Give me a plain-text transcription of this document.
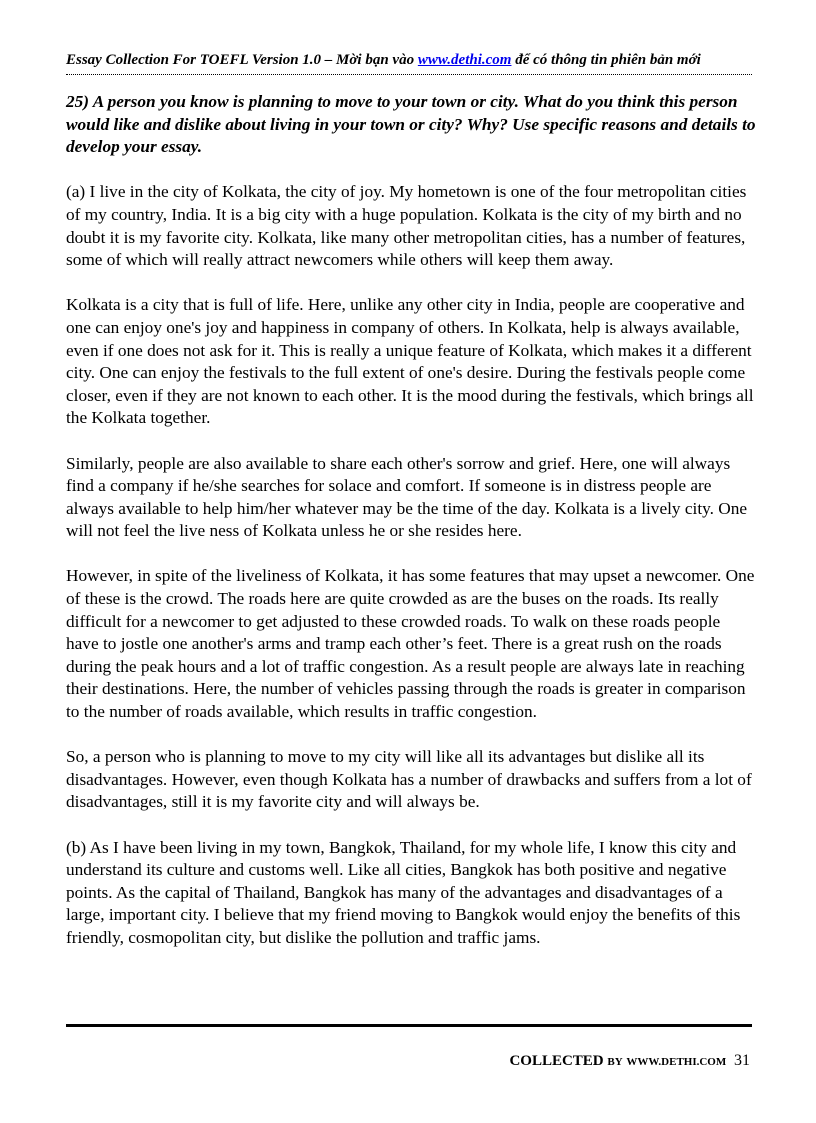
Essay Collection For TOEFL Version 1.0 – Mời bạn vào www.dethi.com để có thông tin phiên bản mới

25) A person you know is planning to move to your town or city. What do you think this person would like and dislike about living in your town or city? Why? Use specific reasons and details to develop your essay.

(a) I live in the city of Kolkata, the city of joy. My hometown is one of the four metropolitan cities of my country, India. It is a big city with a huge population. Kolkata is the city of my birth and no doubt it is my favorite city. Kolkata, like many other metropolitan cities, has a number of features, some of which will really attract newcomers while others will keep them away.

Kolkata is a city that is full of life. Here, unlike any other city in India, people are cooperative and one can enjoy one's joy and happiness in company of others. In Kolkata, help is always available, even if one does not ask for it. This is really a unique feature of Kolkata, which makes it a different city. One can enjoy the festivals to the full extent of one's desire. During the festivals people come closer, even if they are not known to each other. It is the mood during the festivals, which brings all the Kolkata together.

Similarly, people are also available to share each other's sorrow and grief. Here, one will always find a company if he/she searches for solace and comfort. If someone is in distress people are always available to help him/her whatever may be the time of the day. Kolkata is a lively city. One will not feel the live ness of Kolkata unless he or she resides here.

However, in spite of the liveliness of Kolkata, it has some features that may upset a newcomer. One of these is the crowd. The roads here are quite crowded as are the buses on the roads. Its really difficult for a newcomer to get adjusted to these crowded roads. To walk on these roads people have to jostle one another's arms and tramp each other’s feet. There is a great rush on the roads during the peak hours and a lot of traffic congestion. As a result people are always late in reaching their destinations. Here, the number of vehicles passing through the roads is greater in comparison to the number of roads available, which results in traffic congestion.

So, a person who is planning to move to my city will like all its advantages but dislike all its disadvantages. However, even though Kolkata has a number of drawbacks and suffers from a lot of disadvantages, still it is my favorite city and will always be.

(b) As I have been living in my town, Bangkok, Thailand, for my whole life, I know this city and understand its culture and customs well. Like all cities, Bangkok has both positive and negative points. As the capital of Thailand, Bangkok has many of the advantages and disadvantages of a large, important city. I believe that my friend moving to Bangkok would enjoy the benefits of this friendly, cosmopolitan city, but dislike the pollution and traffic jams.

COLLECTED BY WWW.DETHI.COM 31
